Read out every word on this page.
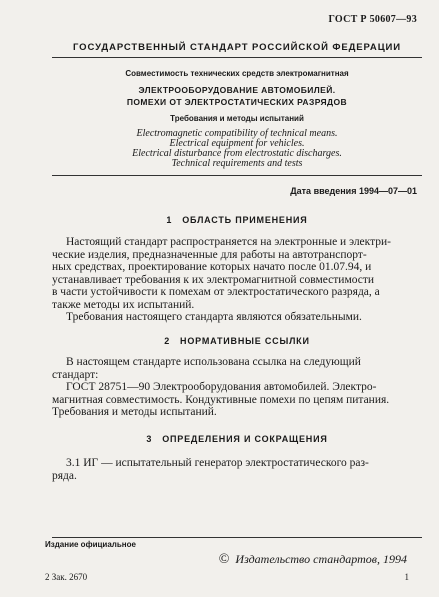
ГОСТ Р 50607—93
ГОСУДАРСТВЕННЫЙ СТАНДАРТ РОССИЙСКОЙ ФЕДЕРАЦИИ
Совместимость технических средств электромагнитная
ЭЛЕКТРООБОРУДОВАНИЕ АВТОМОБИЛЕЙ.
ПОМЕХИ ОТ ЭЛЕКТРОСТАТИЧЕСКИХ РАЗРЯДОВ
Требования и методы испытаний
Electromagnetic compatibility of technical means.
Electrical equipment for vehicles.
Electrical disturbance from electrostatic discharges.
Technical requirements and tests
Дата введения 1994—07—01
1 ОБЛАСТЬ ПРИМЕНЕНИЯ
Настоящий стандарт распространяется на электронные и электри-
ческие изделия, предназначенные для работы на автотранспорт-
ных средствах, проектирование которых начато после 01.07.94, и
устанавливает требования к их электромагнитной совместимости
в части устойчивости к помехам от электростатического разряда, а
также методы их испытаний.
Требования настоящего стандарта являются обязательными.
2 НОРМАТИВНЫЕ ССЫЛКИ
В настоящем стандарте использована ссылка на следующий
стандарт:
ГОСТ 28751—90 Электрооборудования автомобилей. Электро-
магнитная совместимость. Кондуктивные помехи по цепям питания.
Требования и методы испытаний.
3 ОПРЕДЕЛЕНИЯ И СОКРАЩЕНИЯ
3.1 ИГ — испытательный генератор электростатического раз-
ряда.
Издание официальное
© Издательство стандартов, 1994
2 Зак. 2670	1
